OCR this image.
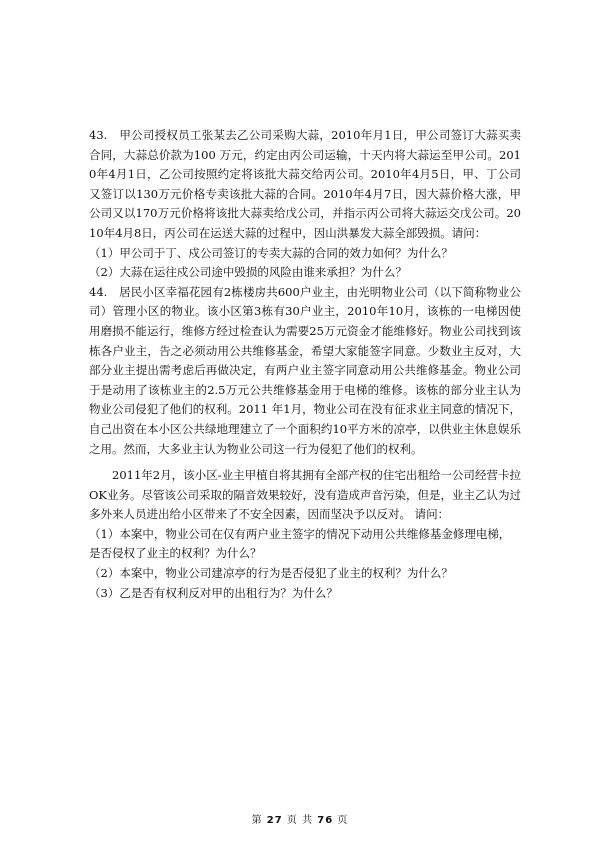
43.　甲公司授权员工张某去乙公司采购大蒜，2010年月1日，甲公司签订大蒜买卖合同，大蒜总价款为100 万元，约定由丙公司运输，十天内将大蒜运至甲公司。2010年4月1日，乙公司按照约定将该批大蒜交给丙公司。2010年4月5日，甲、丁公司又签订以130万元价格专卖该批大蒜的合同。2010年4月7日，因大蒜价格大涨，甲公司又以170万元价格将该批大蒜卖给戊公司，并指示丙公司将大蒜运交戊公司。2010年4月8日，丙公司在运送大蒜的过程中，因山洪暴发大蒜全部毁损。请问：

（1）甲公司于丁、戍公司签订的专卖大蒜的合同的效力如何？为什么？

（2）大蒜在运往戍公司途中毁损的风险由谁来承担？为什么？

44.　居民小区幸福花园有2栋楼房共600户业主，由光明物业公司（以下简称物业公司）管理小区的物业。该小区第3栋有30户业主，2010年10月，该栋的一电梯因使用磨损不能运行，维修方经过检查认为需要25万元资金才能维修好。物业公司找到该栋各户业主，告之必须动用公共维修基金，希望大家能签字同意。少数业主反对，大部分业主提出需考虑后再做决定，有两户业主签字同意动用公共维修基金。物业公司于是动用了该栋业主的2.5万元公共维修基金用于电梯的维修。该栋的部分业主认为物业公司侵犯了他们的权利。2011 年1月，物业公司在没有征求业主同意的情况下，自己出资在本小区公共绿地理建立了一个面积约10平方米的凉亭，以供业主休息娱乐之用。然而，大多业主认为物业公司这一行为侵犯了他们的权利。

2011年2月，该小区-业主甲植自将其拥有全部产权的住宅出租给一公司经营卡拉OK业务。尽管该公司采取的隔音效果较好，没有造成声音污染，但是，业主乙认为过多外来人员进出给小区带来了不安全因素，因而坚决予以反对。 请问：

（1）本案中，物业公司在仅有两户业主签字的情况下动用公共维修基金修理电梯，是否侵权了业主的权利？为什么？

（2）本案中，物业公司建凉亭的行为是否侵犯了业主的权利？为什么？

（3）乙是否有权利反对甲的出租行为？为什么？

第 27 页 共 76 页
